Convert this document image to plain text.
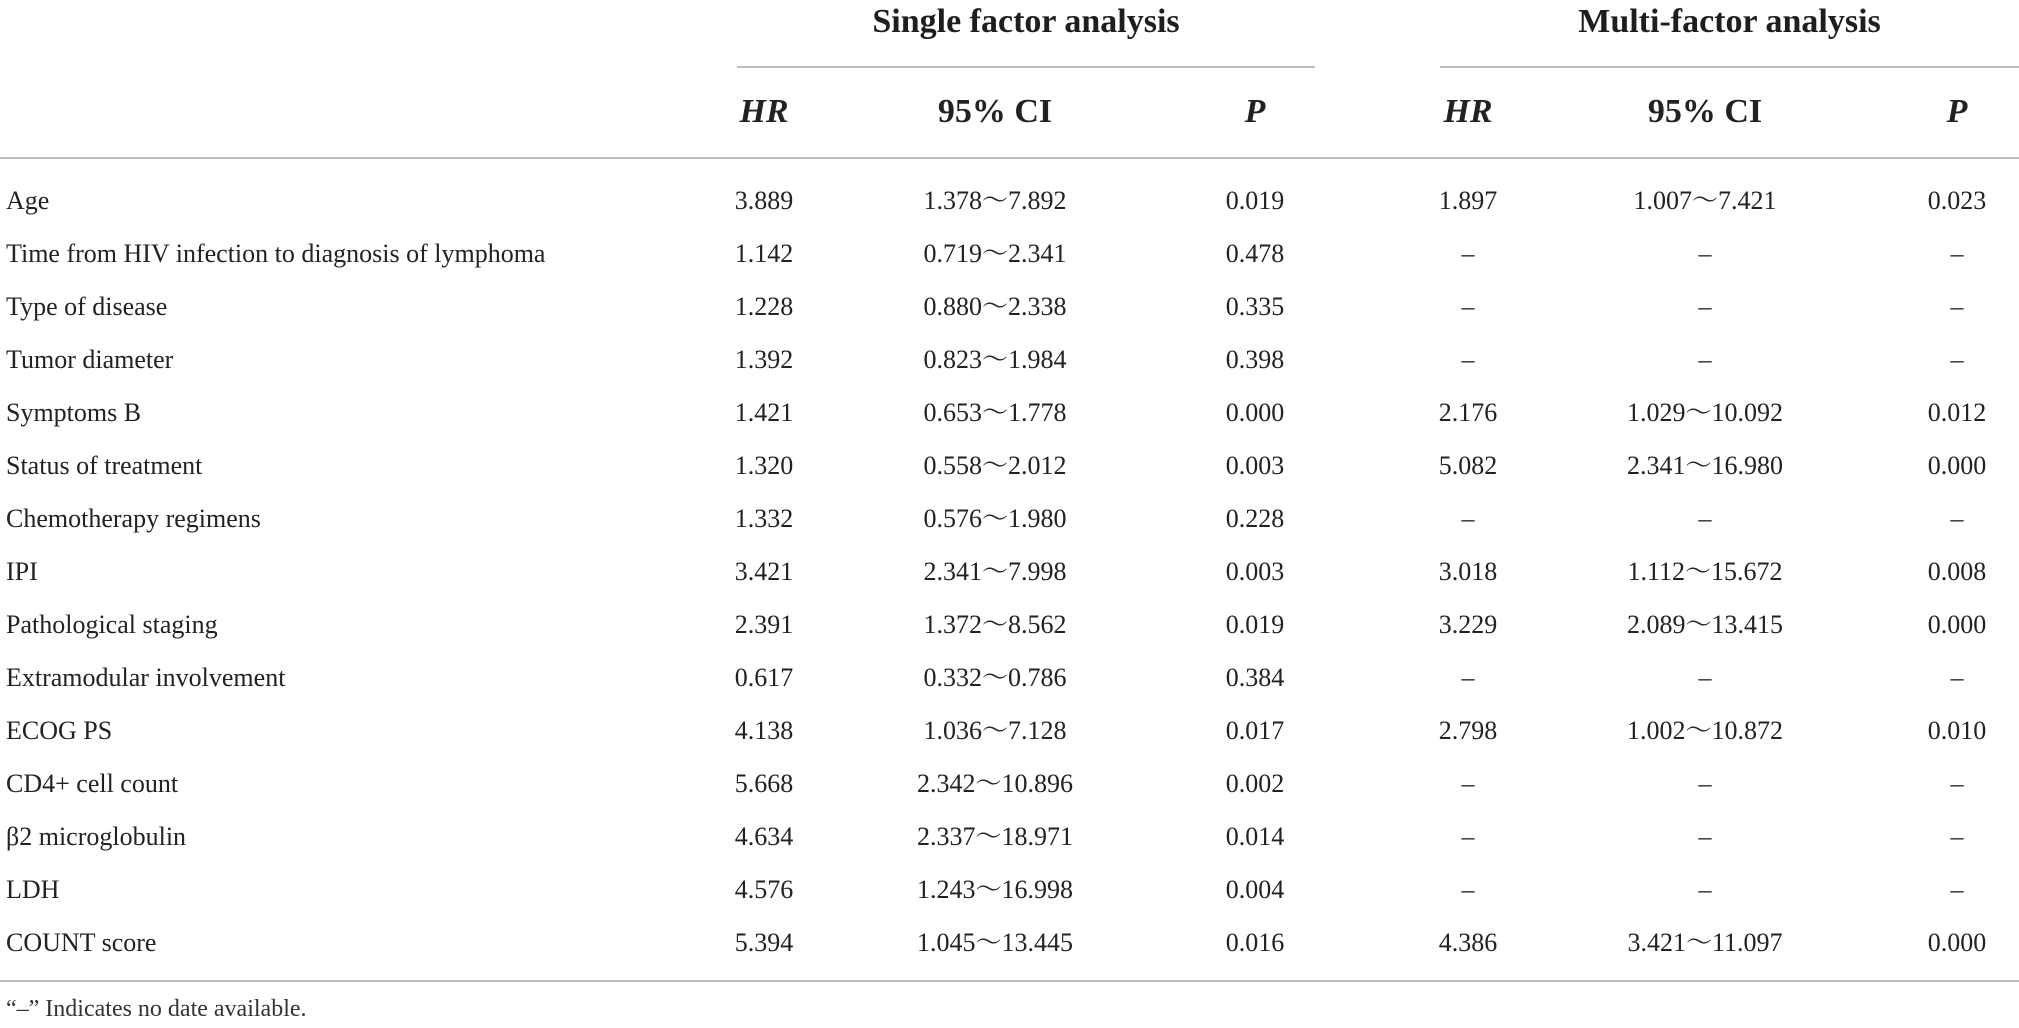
Single factor analysis	Multi-factor analysis
HR	95% CI	P	HR	95% CI	P
Age	3.889	1.378～7.892	0.019	1.897	1.007～7.421	0.023
Time from HIV infection to diagnosis of lymphoma	1.142	0.719～2.341	0.478	–	–	–
Type of disease	1.228	0.880～2.338	0.335	–	–	–
Tumor diameter	1.392	0.823～1.984	0.398	–	–	–
Symptoms B	1.421	0.653～1.778	0.000	2.176	1.029～10.092	0.012
Status of treatment	1.320	0.558～2.012	0.003	5.082	2.341～16.980	0.000
Chemotherapy regimens	1.332	0.576～1.980	0.228	–	–	–
IPI	3.421	2.341～7.998	0.003	3.018	1.112～15.672	0.008
Pathological staging	2.391	1.372～8.562	0.019	3.229	2.089～13.415	0.000
Extramodular involvement	0.617	0.332～0.786	0.384	–	–	–
ECOG PS	4.138	1.036～7.128	0.017	2.798	1.002～10.872	0.010
CD4+ cell count	5.668	2.342～10.896	0.002	–	–	–
β2 microglobulin	4.634	2.337～18.971	0.014	–	–	–
LDH	4.576	1.243～16.998	0.004	–	–	–
COUNT score	5.394	1.045～13.445	0.016	4.386	3.421～11.097	0.000
“–” Indicates no date available.
